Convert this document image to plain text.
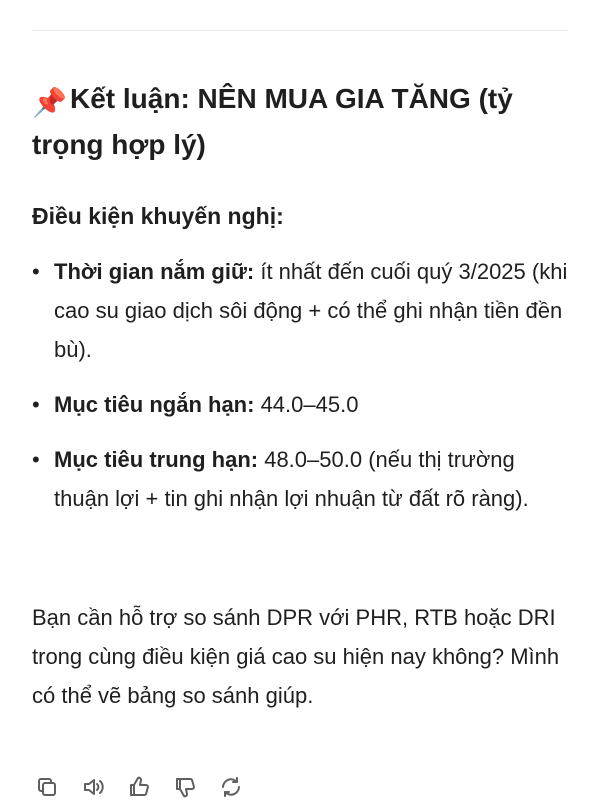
📌 Kết luận: NÊN MUA GIA TĂNG (tỷ trọng hợp lý)
Điều kiện khuyến nghị:
• Thời gian nắm giữ: ít nhất đến cuối quý 3/2025 (khi cao su giao dịch sôi động + có thể ghi nhận tiền đền bù).
• Mục tiêu ngắn hạn: 44.0–45.0
• Mục tiêu trung hạn: 48.0–50.0 (nếu thị trường thuận lợi + tin ghi nhận lợi nhuận từ đất rõ ràng).
Bạn cần hỗ trợ so sánh DPR với PHR, RTB hoặc DRI trong cùng điều kiện giá cao su hiện nay không? Mình có thể vẽ bảng so sánh giúp.
